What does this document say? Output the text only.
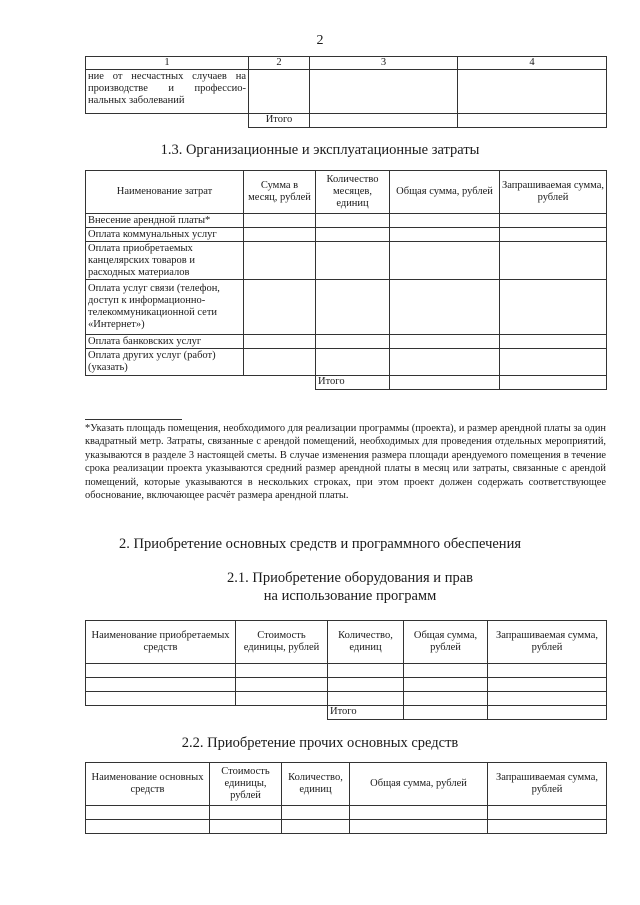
2
1	2	3	4

ние от несчастных случаев на
производстве и профессио-
нальных заболеваний			

	Итого		
1.3. Организационные и эксплуатационные затраты
Наименование затрат	Сумма в месяц, рублей	Количество месяцев, единиц	Общая сумма, рублей	Запрашиваемая сумма, рублей
Внесение арендной платы*				
Оплата коммунальных услуг				
Оплата приобретаемых канцелярских товаров и расходных материалов				
Оплата услуг связи (телефон, доступ к информационно-телекоммуникационной сети «Интернет»)				
Оплата банковских услуг				
Оплата других услуг (работ) (указать)				
		Итого		
*Указать площадь помещения, необходимого для реализации программы (проекта), и размер арендной платы за один квадратный метр. Затраты, связанные с арендой помещений, необходимых для проведения отдельных мероприятий, указываются в разделе 3 настоящей сметы. В случае изменения размера площади арендуемого помещения в течение срока реализации проекта указываются средний размер арендной платы в месяц или затраты, связанные с арендой помещений, которые указываются в нескольких строках, при этом проект должен содержать соответствующее обоснование, включающее расчёт размера арендной платы.
2. Приобретение основных средств и программного обеспечения
2.1. Приобретение оборудования и прав
на использование программ
Наименование приобретаемых средств	Стоимость единицы, рублей	Количество, единиц	Общая сумма, рублей	Запрашиваемая сумма, рублей

		Итого		
2.2. Приобретение прочих основных средств
Наименование основных средств	Стоимость единицы, рублей	Количество, единиц	Общая сумма, рублей	Запрашиваемая сумма, рублей
